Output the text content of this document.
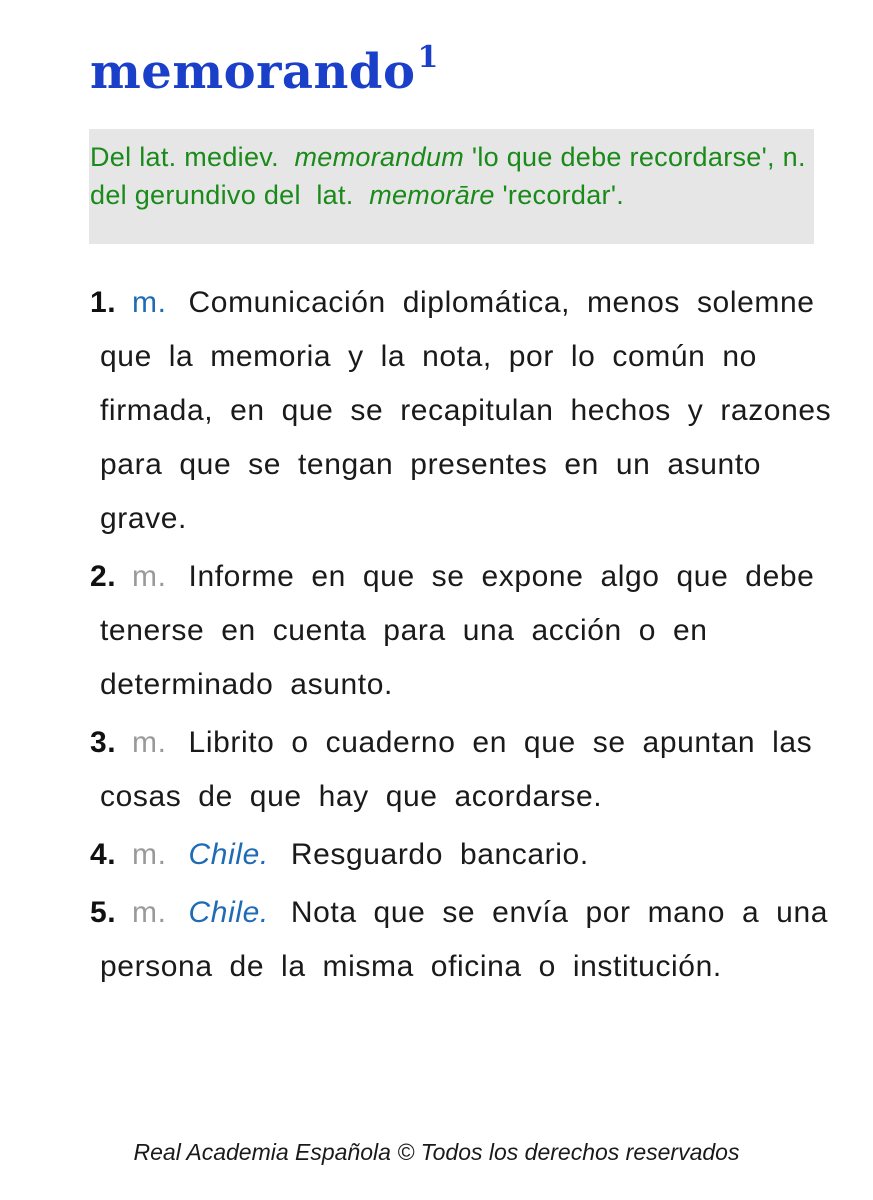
memorando$^1$
Del lat. mediev. memorandum 'lo que debe recordarse', n. del gerundivo del lat. memorāre 'recordar'.
1. m. Comunicación diplomática, menos solemne que la memoria y la nota, por lo común no firmada, en que se recapitulan hechos y razones para que se tengan presentes en un asunto grave.
2. m. Informe en que se expone algo que debe tenerse en cuenta para una acción o en determinado asunto.
3. m. Librito o cuaderno en que se apuntan las cosas de que hay que acordarse.
4. m. Chile. Resguardo bancario.
5. m. Chile. Nota que se envía por mano a una persona de la misma oficina o institución.
Real Academia Española © Todos los derechos reservados
